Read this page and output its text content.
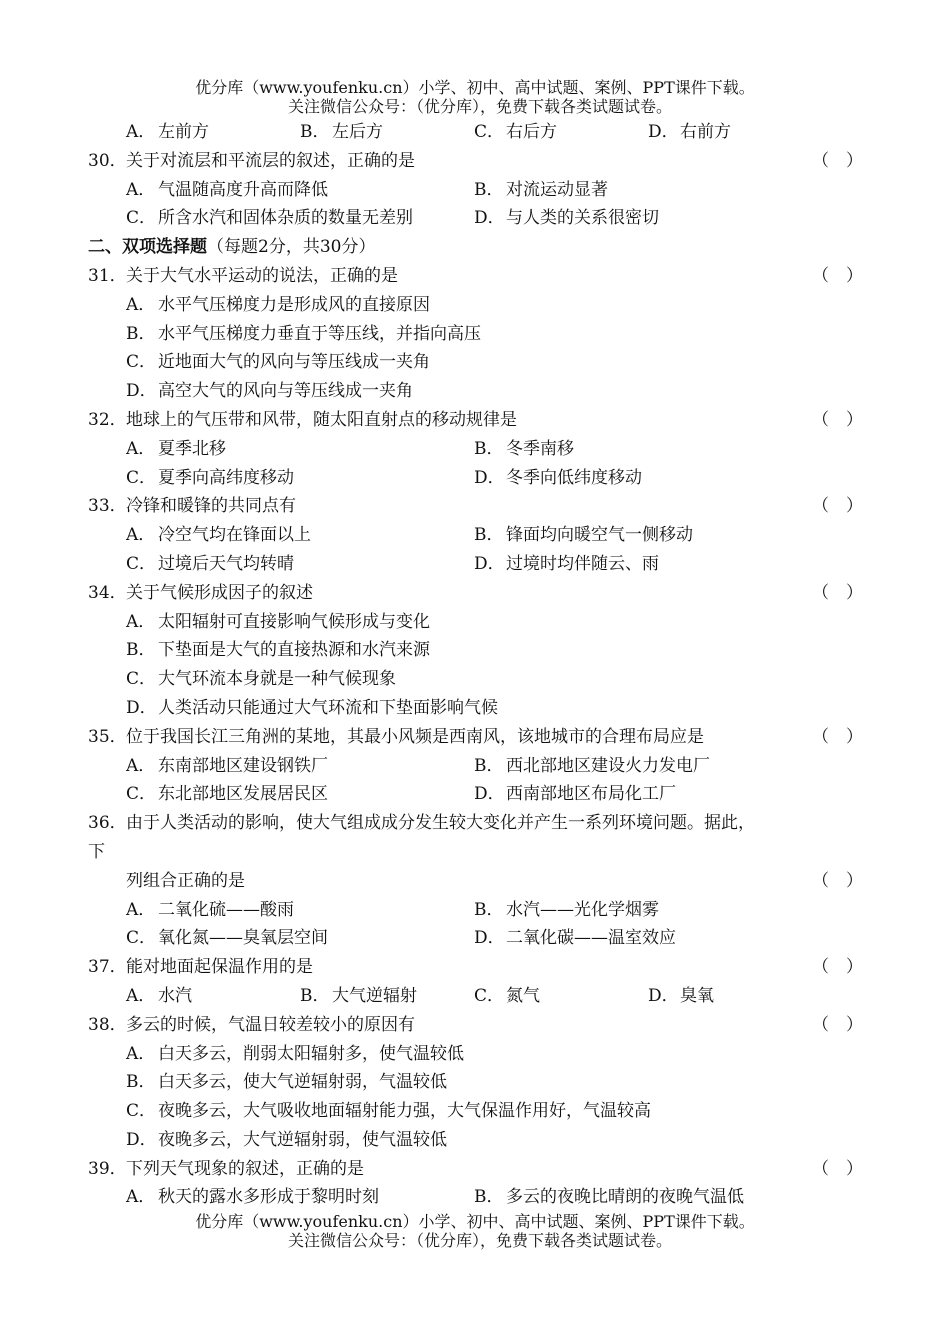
优分库（www.youfenku.cn）小学、初中、高中试题、案例、PPT课件下载。
关注微信公众号：（优分库），免费下载各类试题试卷。
A． 左前方	B． 左后方	C． 右后方	D．右前方
30．关于对流层和平流层的叙述，正确的是	（　）
A． 气温随高度升高而降低	B． 对流运动显著
C． 所含水汽和固体杂质的数量无差别	D．与人类的关系很密切
二、双项选择题（每题2分，共30分）
31．关于大气水平运动的说法，正确的是	（　）
A． 水平气压梯度力是形成风的直接原因
B． 水平气压梯度力垂直于等压线，并指向高压
C． 近地面大气的风向与等压线成一夹角
D．高空大气的风向与等压线成一夹角
32．地球上的气压带和风带，随太阳直射点的移动规律是	（　）
A． 夏季北移	B． 冬季南移
C． 夏季向高纬度移动	D．冬季向低纬度移动
33．冷锋和暖锋的共同点有	（　）
A． 冷空气均在锋面以上	B． 锋面均向暖空气一侧移动
C． 过境后天气均转晴	D．过境时均伴随云、雨
34．关于气候形成因子的叙述	（　）
A． 太阳辐射可直接影响气候形成与变化
B． 下垫面是大气的直接热源和水汽来源
C． 大气环流本身就是一种气候现象
D．人类活动只能通过大气环流和下垫面影响气候
35．位于我国长江三角洲的某地，其最小风频是西南风，该地城市的合理布局应是	（　）
A． 东南部地区建设钢铁厂	B． 西北部地区建设火力发电厂
C． 东北部地区发展居民区	D．西南部地区布局化工厂
36．由于人类活动的影响，使大气组成成分发生较大变化并产生一系列环境问题。据此，
下
列组合正确的是	（　）
A． 二氧化硫——酸雨	B． 水汽——光化学烟雾
C． 氧化氮——臭氧层空间	D．二氧化碳——温室效应
37．能对地面起保温作用的是	（　）
A． 水汽	B． 大气逆辐射	C． 氮气	D．臭氧
38．多云的时候，气温日较差较小的原因有	（　）
A． 白天多云，削弱太阳辐射多，使气温较低
B． 白天多云，使大气逆辐射弱，气温较低
C． 夜晚多云，大气吸收地面辐射能力强，大气保温作用好，气温较高
D．夜晚多云，大气逆辐射弱，使气温较低
39．下列天气现象的叙述，正确的是	（　）
A． 秋天的露水多形成于黎明时刻	B． 多云的夜晚比晴朗的夜晚气温低
优分库（www.youfenku.cn）小学、初中、高中试题、案例、PPT课件下载。
关注微信公众号：（优分库），免费下载各类试题试卷。
